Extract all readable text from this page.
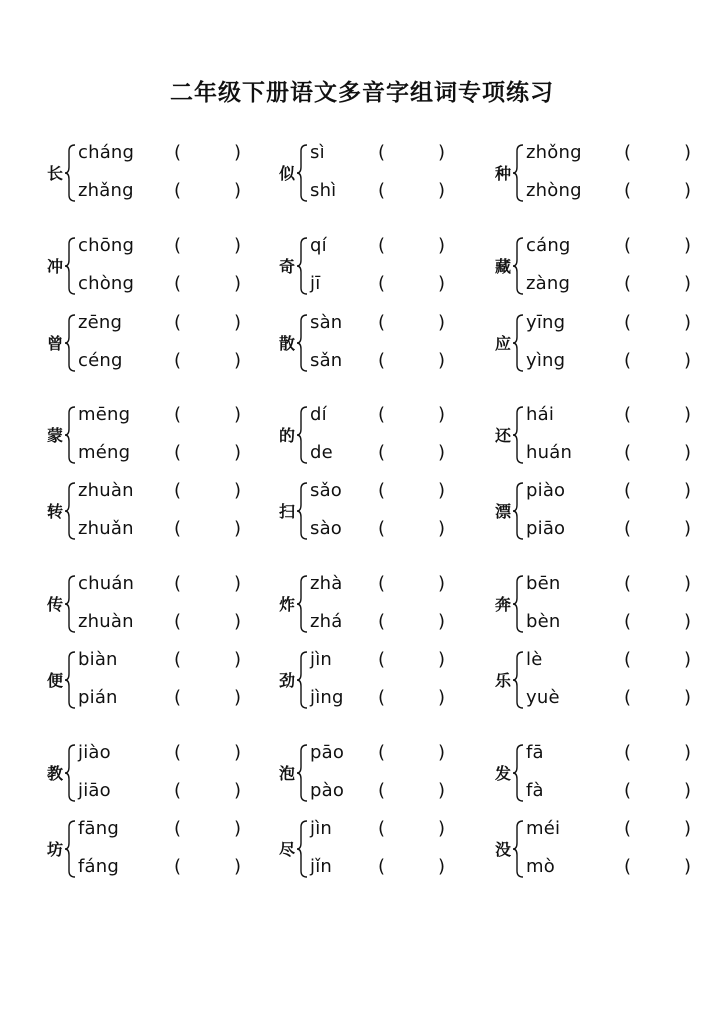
二年级下册语文多音字组词专项练习
长
cháng (	)
zhǎng (	)
似
sì	(	)
shì (	)
种
zhǒng (	)
zhòng (	)
冲
chōng (	)
chòng (	)
奇
qí	(	)
jī	(	)
藏
cáng	(	)
zàng	(	)
曾
zēng	(	)
céng	(	)
散
sàn (	)
sǎn (	)
应
yīng	(	)
yìng	(	)
蒙
mēng (	)
méng (	)
的
dí	(	)
de	(	)
还
hái	(	)
huán	(	)
转
zhuàn (	)
zhuǎn (	)
扫
sǎo (	)
sào (	)
漂
piào	(	)
piāo	(	)
传
chuán (	)
zhuàn (	)
炸
zhà (	)
zhá (	)
奔
bēn	(	)
bèn	(	)
便
biàn	(	)
pián	(	)
劲
jìn	(	)
jìng (	)
乐
lè	(	)
yuè	(	)
教
jiào	(	)
jiāo	(	)
泡
pāo (	)
pào (	)
发
fā	(	)
fà	(	)
坊
fāng	(	)
fáng	(	)
尽
jìn	(	)
jǐn	(	)
没
méi	(	)
mò	(	)
